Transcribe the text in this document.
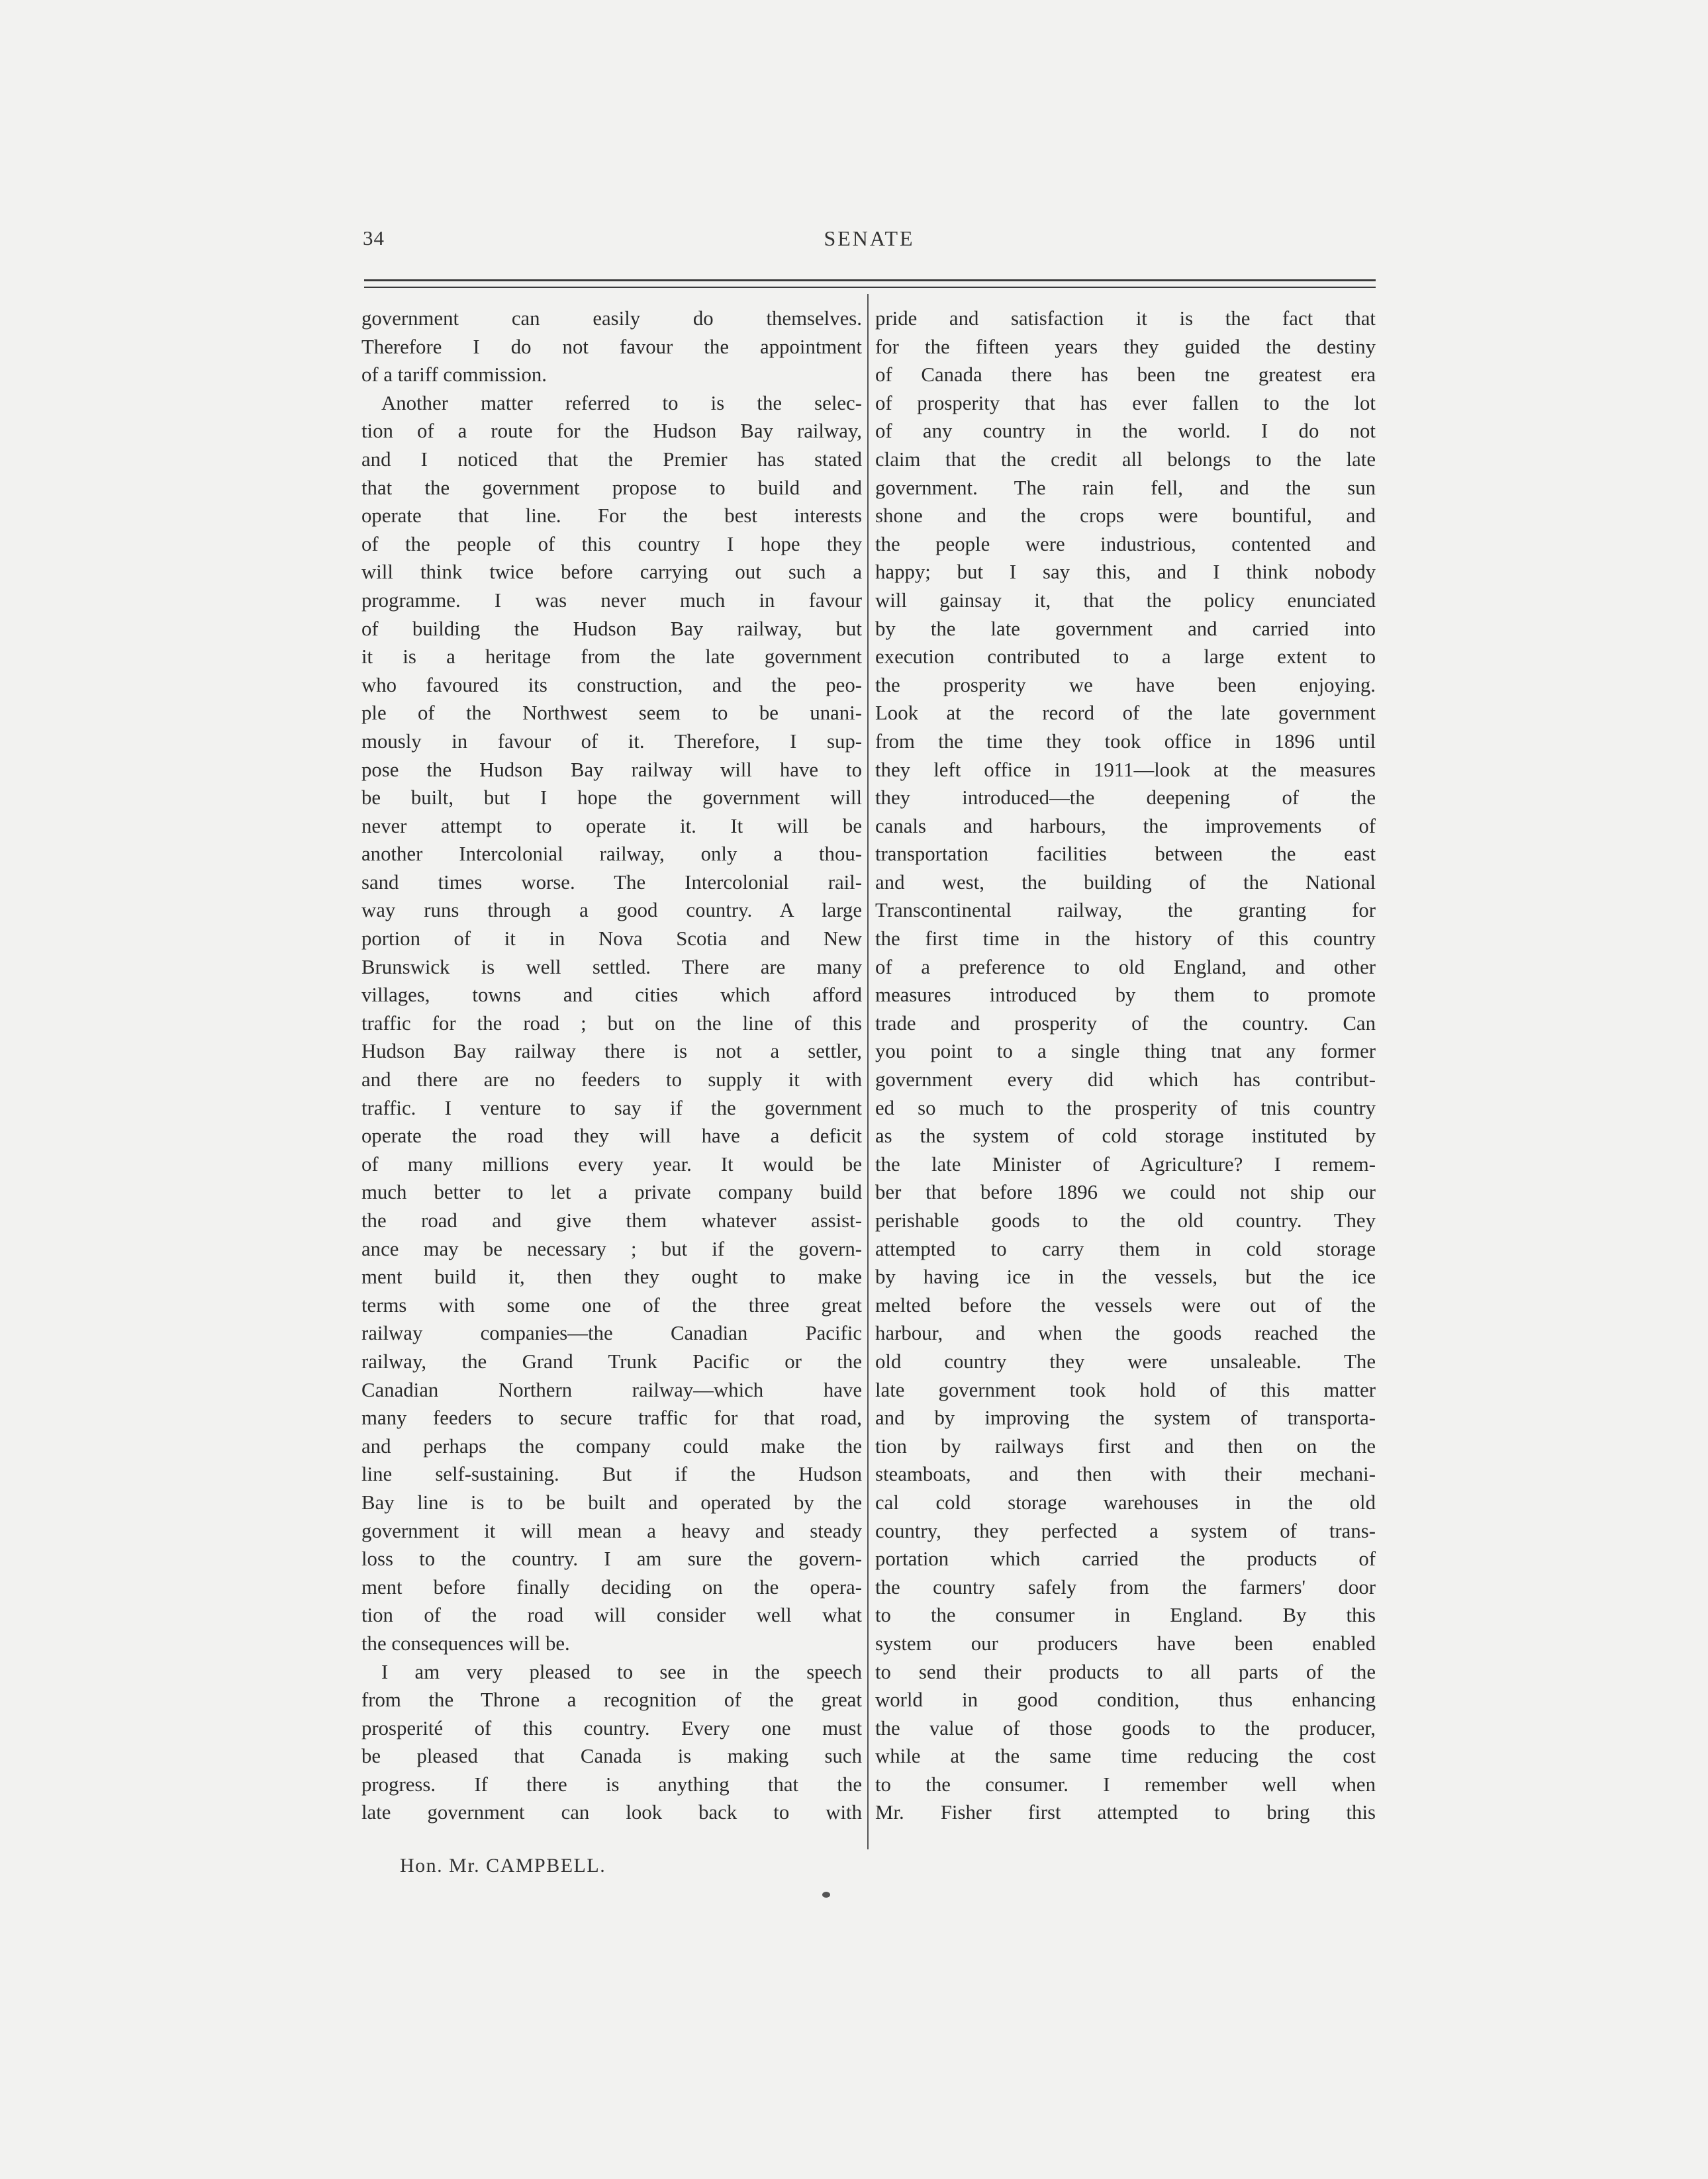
34	SENATE

government can easily do themselves.

Therefore I do not favour the appointment

of a tariff commission.

Another matter referred to is the selec-

tion of a route for the Hudson Bay railway,

and I noticed that the Premier has stated

that the government propose to build and

operate that line. For the best interests

of the people of this country I hope they

will think twice before carrying out such a

programme. I was never much in favour

of building the Hudson Bay railway, but

it is a heritage from the late government

who favoured its construction, and the peo-

ple of the Northwest seem to be unani-

mously in favour of it. Therefore, I sup-

pose the Hudson Bay railway will have to

be built, but I hope the government will

never attempt to operate it. It will be

another Intercolonial railway, only a thou-

sand times worse. The Intercolonial rail-

way runs through a good country. A large

portion of it in Nova Scotia and New

Brunswick is well settled. There are many

villages, towns and cities which afford

traffic for the road ; but on the line of this

Hudson Bay railway there is not a settler,

and there are no feeders to supply it with

traffic. I venture to say if the government

operate the road they will have a deficit

of many millions every year. It would be

much better to let a private company build

the road and give them whatever assist-

ance may be necessary ; but if the govern-

ment build it, then they ought to make

terms with some one of the three great

railway companies—the Canadian Pacific

railway, the Grand Trunk Pacific or the

Canadian Northern railway—which have

many feeders to secure traffic for that road,

and perhaps the company could make the

line self-sustaining. But if the Hudson

Bay line is to be built and operated by the

government it will mean a heavy and steady

loss to the country. I am sure the govern-

ment before finally deciding on the opera-

tion of the road will consider well what

the consequences will be.

I am very pleased to see in the speech

from the Throne a recognition of the great

prosperité of this country. Every one must

be pleased that Canada is making such

progress. If there is anything that the

late government can look back to with

pride and satisfaction it is the fact that

for the fifteen years they guided the destiny

of Canada there has been tne greatest era

of prosperity that has ever fallen to the lot

of any country in the world. I do not

claim that the credit all belongs to the late

government. The rain fell, and the sun

shone and the crops were bountiful, and

the people were industrious, contented and

happy; but I say this, and I think nobody

will gainsay it, that the policy enunciated

by the late government and carried into

execution contributed to a large extent to

the prosperity we have been enjoying.

Look at the record of the late government

from the time they took office in 1896 until

they left office in 1911—look at the measures

they introduced—the deepening of the

canals and harbours, the improvements of

transportation facilities between the east

and west, the building of the National

Transcontinental railway, the granting for

the first time in the history of this country

of a preference to old England, and other

measures introduced by them to promote

trade and prosperity of the country. Can

you point to a single thing tnat any former

government every did which has contribut-

ed so much to the prosperity of tnis country

as the system of cold storage instituted by

the late Minister of Agriculture? I remem-

ber that before 1896 we could not ship our

perishable goods to the old country. They

attempted to carry them in cold storage

by having ice in the vessels, but the ice

melted before the vessels were out of the

harbour, and when the goods reached the

old country they were unsaleable. The

late government took hold of this matter

and by improving the system of transporta-

tion by railways first and then on the

steamboats, and then with their mechani-

cal cold storage warehouses in the old

country, they perfected a system of trans-

portation which carried the products of

the country safely from the farmers' door

to the consumer in England. By this

system our producers have been enabled

to send their products to all parts of the

world in good condition, thus enhancing

the value of those goods to the producer,

while at the same time reducing the cost

to the consumer. I remember well when

Mr. Fisher first attempted to bring this

Hon. Mr. CAMPBELL.
